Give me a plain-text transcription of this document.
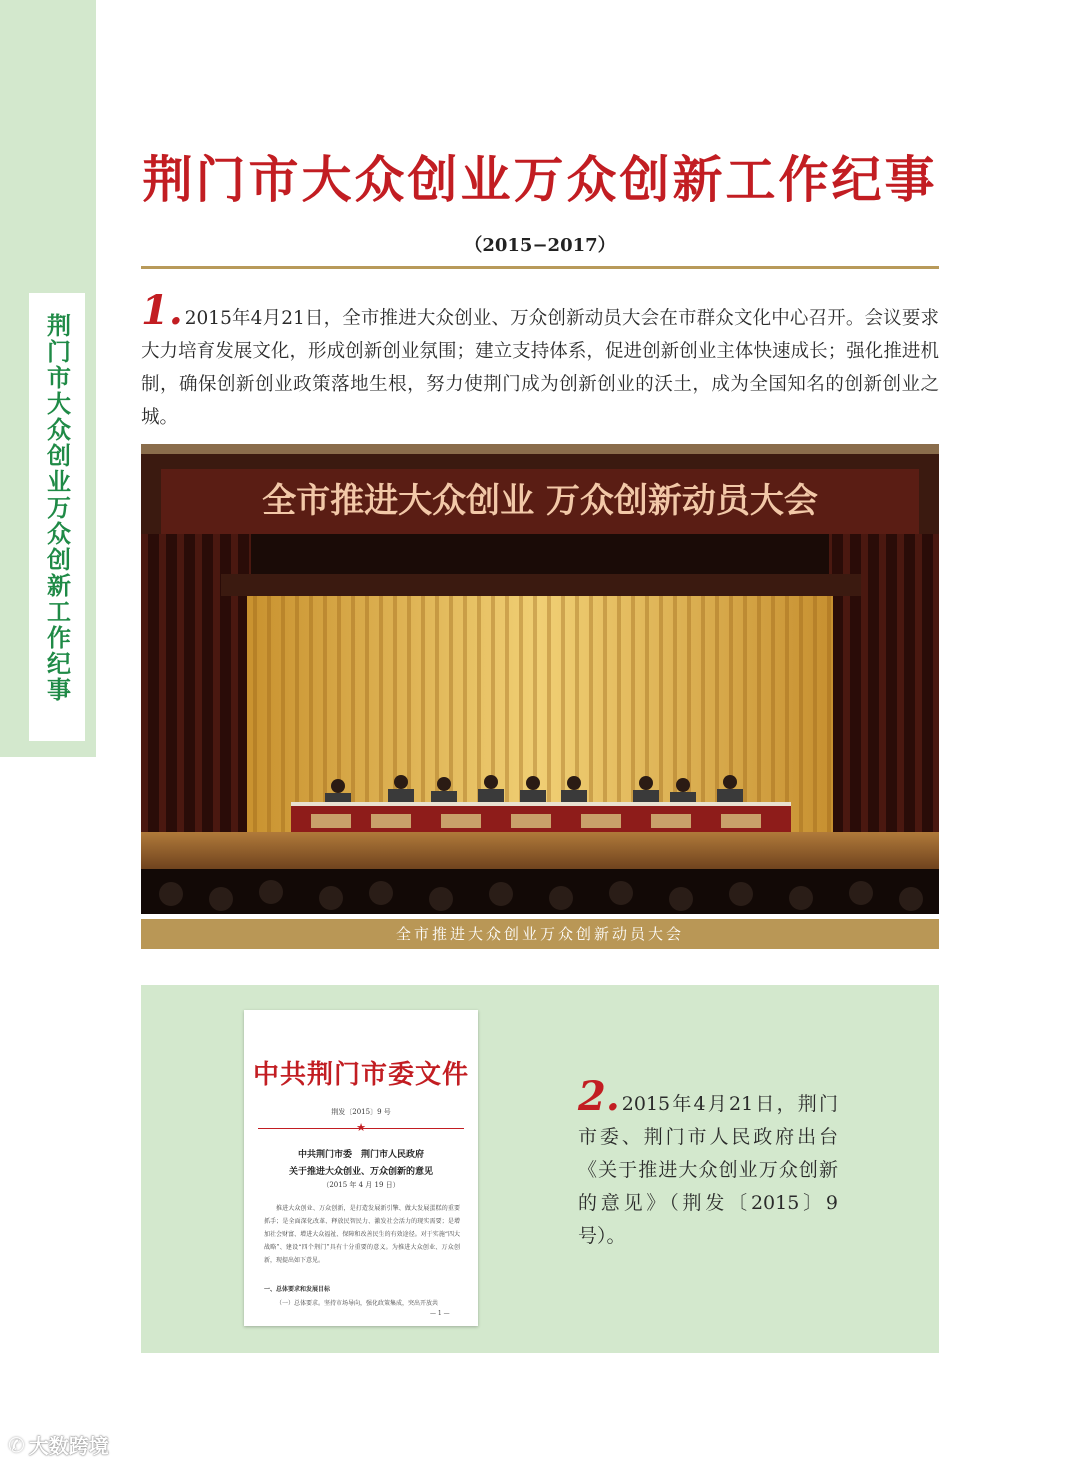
荆门市大众创业万众创新工作纪事
荆门市大众创业万众创新工作纪事
（2015−2017）
1. 2015年4月21日，全市推进大众创业、万众创新动员大会在市群众文化中心召开。会议要求大力培育发展文化，形成创新创业氛围；建立支持体系，促进创新创业主体快速成长；强化推进机制，确保创新创业政策落地生根，努力使荆门成为创新创业的沃土，成为全国知名的创新创业之城。
全市推进大众创业 万众创新动员大会
全市推进大众创业万众创新动员大会
中共荆门市委文件
荆发〔2015〕9 号
★
中共荆门市委　荆门市人民政府
关于推进大众创业、万众创新的意见
（2015 年 4 月 19 日）
推进大众创业、万众创新，是打造发展新引擎、做大发展蛋糕的重要抓手；是全面深化改革、释放民智民力、激发社会活力的现实需要；是增加社会财富、增进大众福祉、保障和改善民生的有效途径。对于实施“四大战略”、建设“四个荆门”具有十分重要的意义。为推进大众创业、万众创新，现提出如下意见。
一、总体要求和发展目标
（一）总体要求。坚持市场导向，强化政策集成，突出开放共
— 1 —
2. 2015年4月21日，荆门市委、荆门市人民政府出台《关于推进大众创业万众创新的意见》（荆发〔2015〕9号）。
✆ 大数跨境
